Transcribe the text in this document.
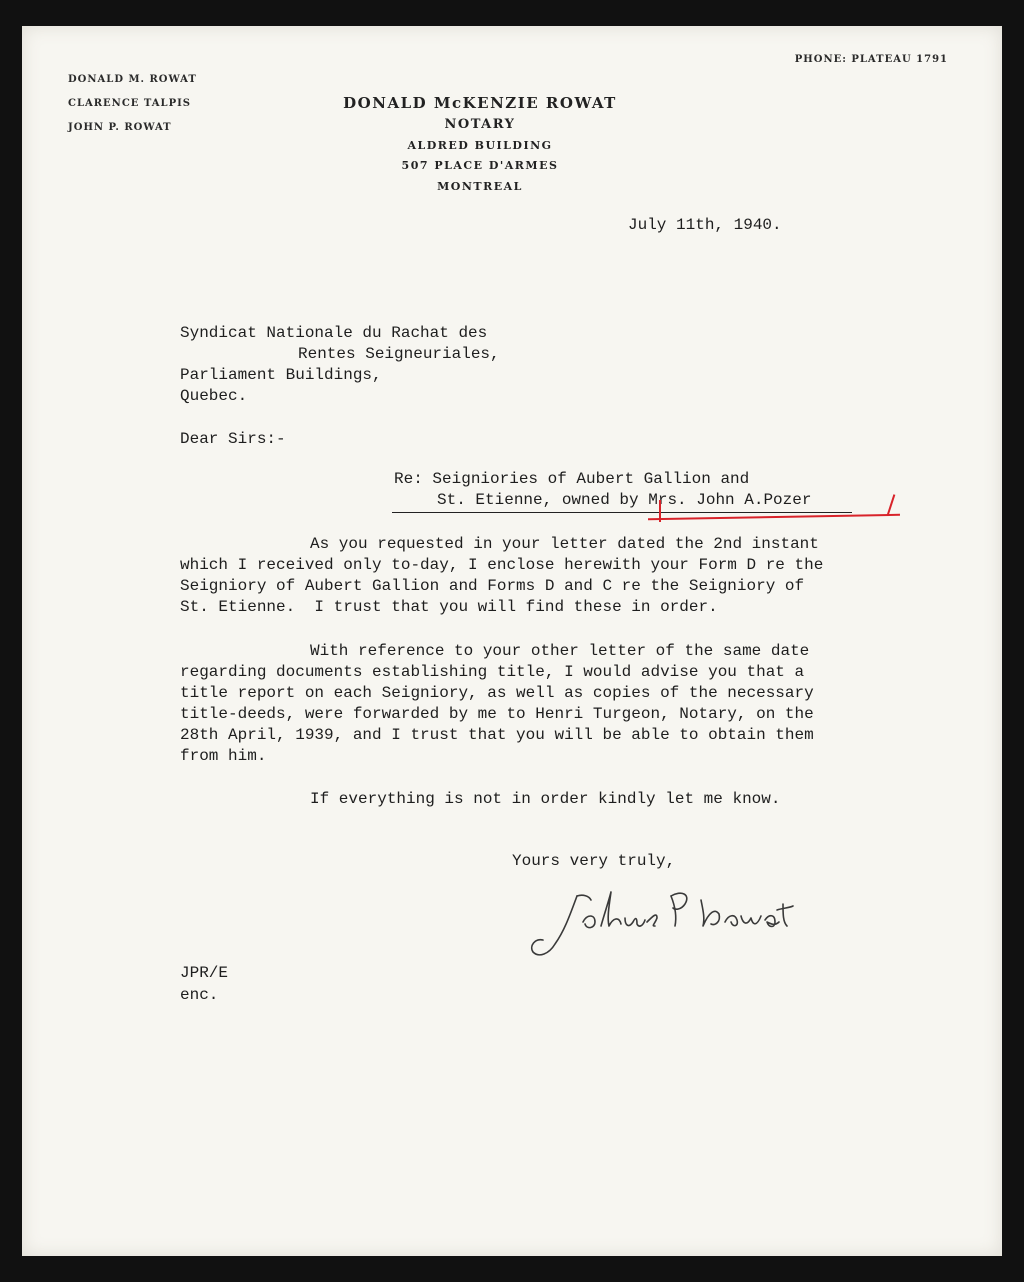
DONALD M. ROWAT
CLARENCE TALPIS
JOHN P. ROWAT
PHONE: PLATEAU 1791
DONALD McKENZIE ROWAT
NOTARY
ALDRED BUILDING
507 PLACE D'ARMES
MONTREAL
July 11th, 1940.
Syndicat Nationale du Rachat des
Rentes Seigneuriales,
Parliament Buildings,
Quebec.
Dear Sirs:-
Re: Seigniories of Aubert Gallion and
St. Etienne, owned by Mrs. John A.Pozer
As you requested in your letter dated the 2nd instant
which I received only to-day, I enclose herewith your Form D re the
Seigniory of Aubert Gallion and Forms D and C re the Seigniory of
St. Etienne.  I trust that you will find these in order.
With reference to your other letter of the same date
regarding documents establishing title, I would advise you that a
title report on each Seigniory, as well as copies of the necessary
title-deeds, were forwarded by me to Henri Turgeon, Notary, on the
28th April, 1939, and I trust that you will be able to obtain them
from him.
If everything is not in order kindly let me know.
Yours very truly,
JPR/E
enc.
